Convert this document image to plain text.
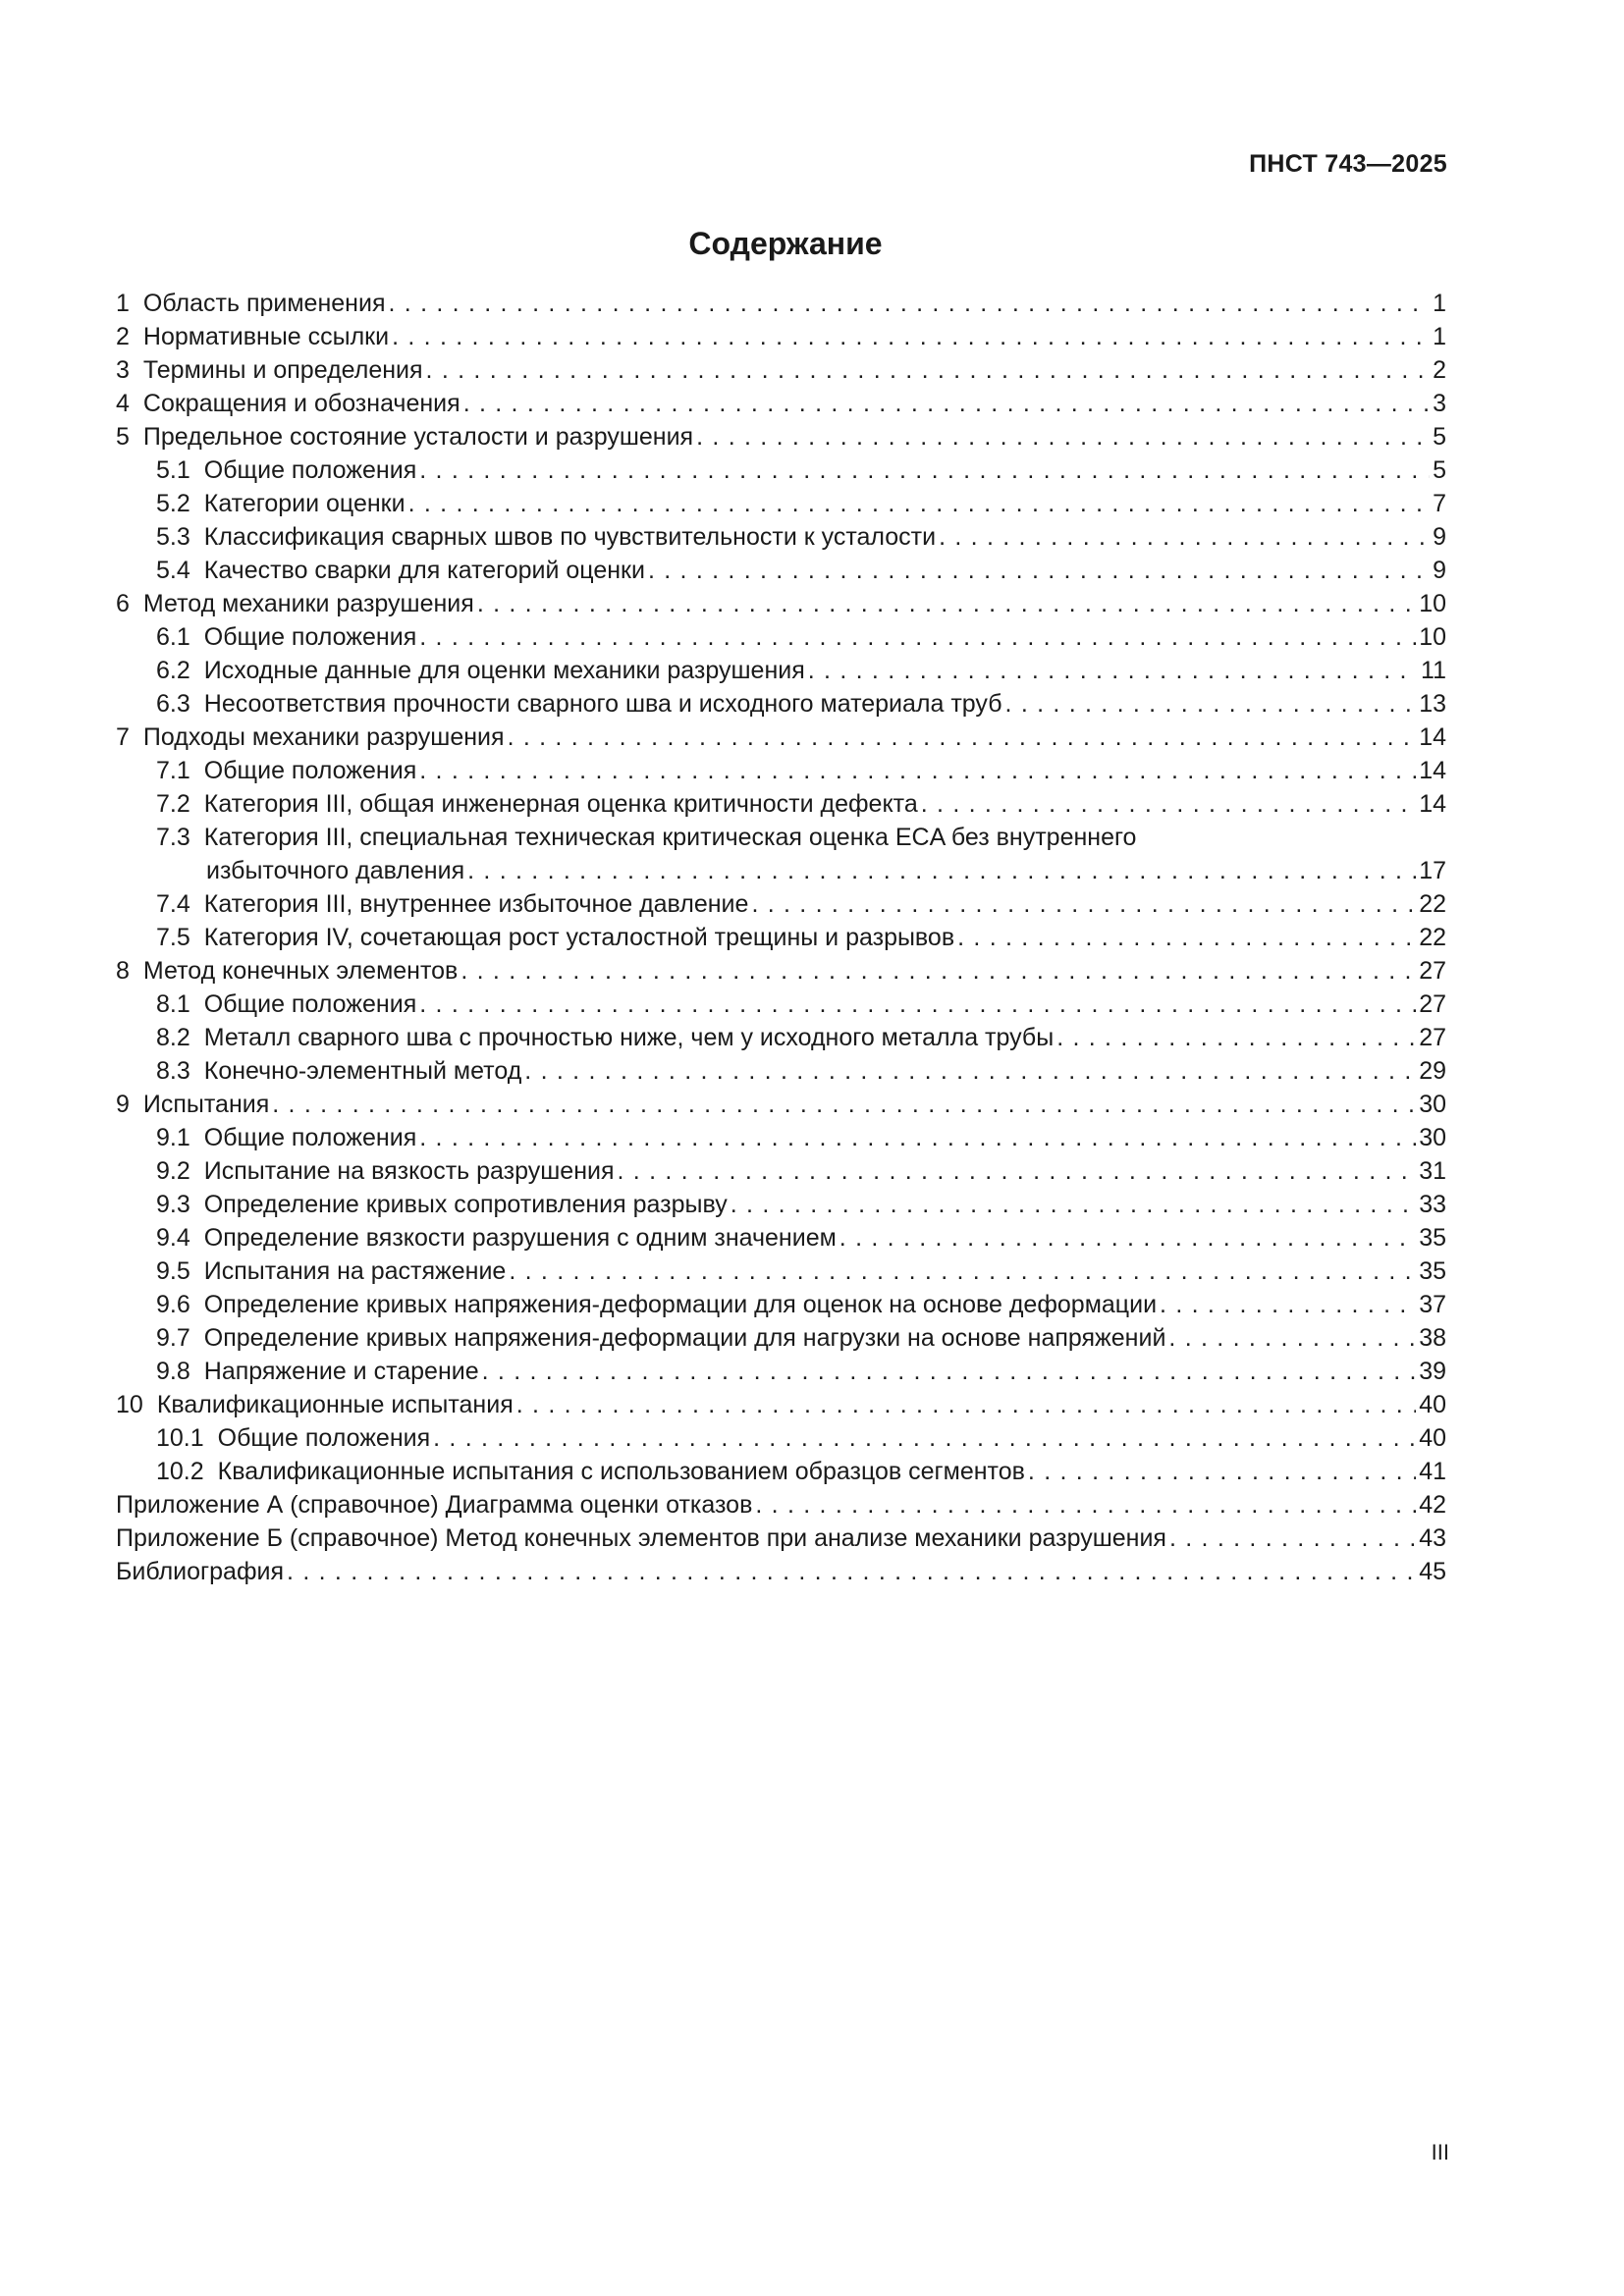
ПНСТ 743—2025
Содержание
1 Область применения . . .	1
2 Нормативные ссылки . . .	1
3 Термины и определения . . .	2
4 Сокращения и обозначения . . .	3
5 Предельное состояние усталости и разрушения . . .	5
5.1 Общие положения . . .	5
5.2 Категории оценки . . .	7
5.3 Классификация сварных швов по чувствительности к усталости . . .	9
5.4 Качество сварки для категорий оценки . . .	9
6 Метод механики разрушения . . .	10
6.1 Общие положения . . .	10
6.2 Исходные данные для оценки механики разрушения . . .	11
6.3 Несоответствия прочности сварного шва и исходного материала труб . . .	13
7 Подходы механики разрушения . . .	14
7.1 Общие положения . . .	14
7.2 Категория III, общая инженерная оценка критичности дефекта . . .	14
7.3 Категория III, специальная техническая критическая оценка ECA без внутреннего
избыточного давления . . .	17
7.4 Категория III, внутреннее избыточное давление . . .	22
7.5 Категория IV, сочетающая рост усталостной трещины и разрывов . . .	22
8 Метод конечных элементов . . .	27
8.1 Общие положения . . .	27
8.2 Металл сварного шва с прочностью ниже, чем у исходного металла трубы . . .	27
8.3 Конечно-элементный метод . . .	29
9 Испытания . . .	30
9.1 Общие положения . . .	30
9.2 Испытание на вязкость разрушения . . .	31
9.3 Определение кривых сопротивления разрыву . . .	33
9.4 Определение вязкости разрушения с одним значением . . .	35
9.5 Испытания на растяжение . . .	35
9.6 Определение кривых напряжения-деформации для оценок на основе деформации . . .	37
9.7 Определение кривых напряжения-деформации для нагрузки на основе напряжений . . .	38
9.8 Напряжение и старение . . .	39
10 Квалификационные испытания . . .	40
10.1 Общие положения . . .	40
10.2 Квалификационные испытания с использованием образцов сегментов . . .	41
Приложение А (справочное) Диаграмма оценки отказов . . .	42
Приложение Б (справочное) Метод конечных элементов при анализе механики разрушения . . .	43
Библиография . . .	45
III
